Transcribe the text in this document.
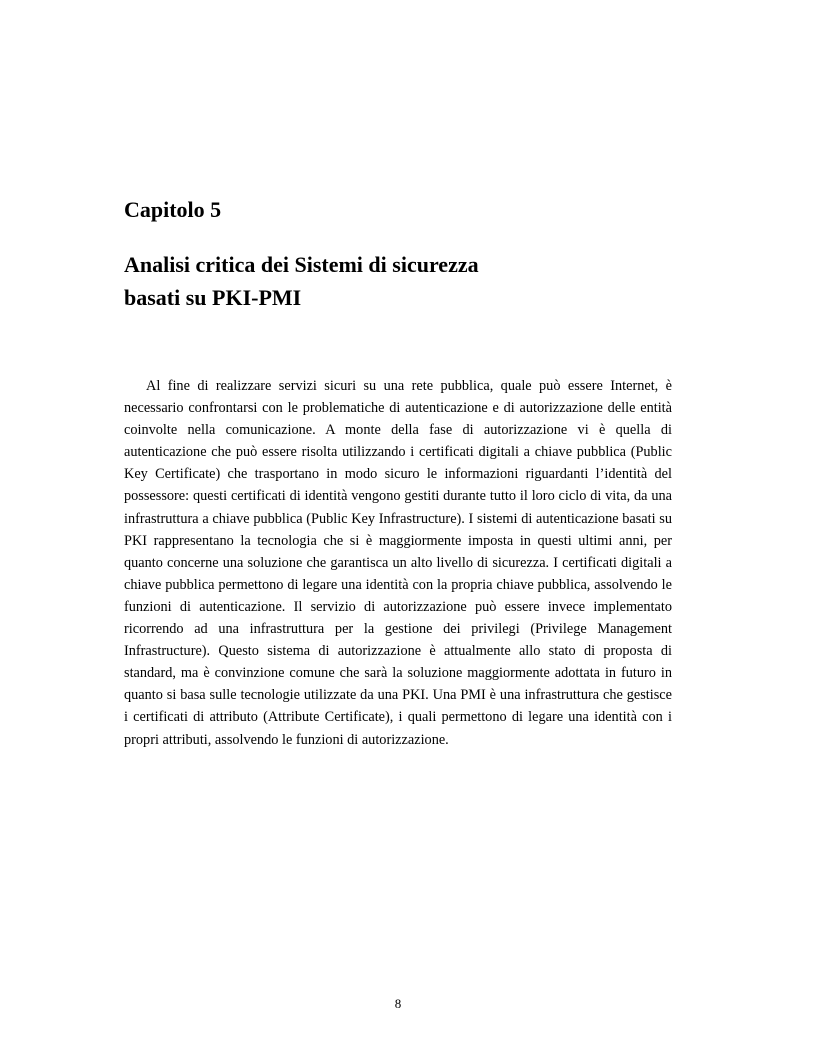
Capitolo 5
Analisi critica dei Sistemi di sicurezza
basati su PKI-PMI

Al fine di realizzare servizi sicuri su una rete pubblica, quale può essere Internet, è necessario confrontarsi con le problematiche di autenticazione e di autorizzazione delle entità coinvolte nella comunicazione. A monte della fase di autorizzazione vi è quella di autenticazione che può essere risolta utilizzando i certificati digitali a chiave pubblica (Public Key Certificate) che trasportano in modo sicuro le informazioni riguardanti l’identità del possessore: questi certificati di identità vengono gestiti durante tutto il loro ciclo di vita, da una infrastruttura a chiave pubblica (Public Key Infrastructure). I sistemi di autenticazione basati su PKI rappresentano la tecnologia che si è maggiormente imposta in questi ultimi anni, per quanto concerne una soluzione che garantisca un alto livello di sicurezza. I certificati digitali a chiave pubblica permettono di legare una identità con la propria chiave pubblica, assolvendo le funzioni di autenticazione. Il servizio di autorizzazione può essere invece implementato ricorrendo ad una infrastruttura per la gestione dei privilegi (Privilege Management Infrastructure). Questo sistema di autorizzazione è attualmente allo stato di proposta di standard, ma è convinzione comune che sarà la soluzione maggiormente adottata in futuro in quanto si basa sulle tecnologie utilizzate da una PKI. Una PMI è una infrastruttura che gestisce i certificati di attributo (Attribute Certificate), i quali permettono di legare una identità con i propri attributi, assolvendo le funzioni di autorizzazione.

8
